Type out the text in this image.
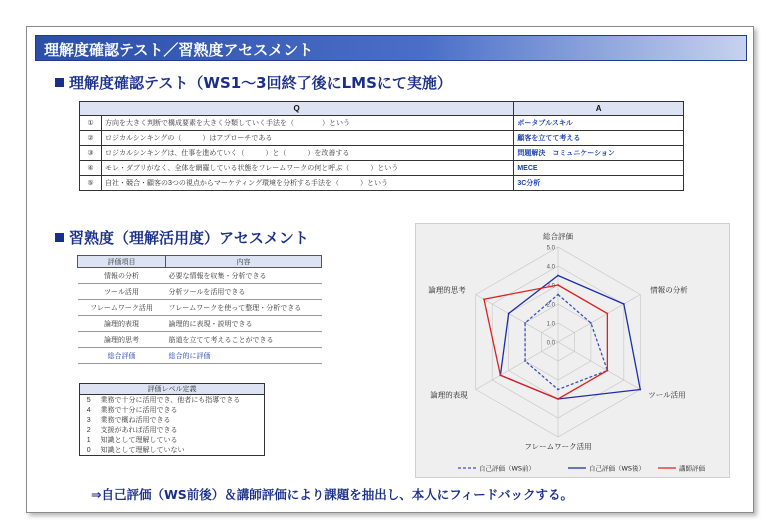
理解度確認テスト／習熟度アセスメント
理解度確認テスト（WS1～3回終了後にLMSにて実施）
Q		A
①	方向を大きく判断で構成要素を大きく分類していく手法を（　　　　）という	ボータブルスキル
②	ロジカルシンキングの（　　　）はアプローチである	顧客を立てて考える
③	ロジカルシンキングは、仕事を進めていく（　　　）と（　　　）を改善する	問題解決　コミュニケーション
④	モレ・ダブリがなく、全体を網羅している状態をフレームワークの何と呼ぶ（　　　）という	MECE
⑤	自社・競合・顧客の3つの視点からマーケティング環境を分析する手法を（　　　）という	3C分析
習熟度（理解活用度）アセスメント
評価項目	内容
情報の分析	必要な情報を収集・分析できる
ツール活用	分析ツールを活用できる
フレームワーク活用	フレームワークを使って整理・分析できる
論理的表現	論理的に表現・説明できる
論理的思考	筋道を立てて考えることができる
総合評価	総合的に評価
評価レベル定義	
5	業務で十分に活用でき、他者にも指導できる
4	業務で十分に活用できる
3	業務で概ね活用できる
2	支援があれば活用できる
1	知識として理解している
0	知識として理解していない
0.0
1.0
2.0
3.0
4.0
5.0
総合評価
情報の分析
ツール活用
フレームワーク活用
論理的表現
論理的思考
自己評価（WS前）	自己評価（WS後）	講師評価
⇒自己評価（WS前後）＆講師評価により課題を抽出し、本人にフィードバックする。
